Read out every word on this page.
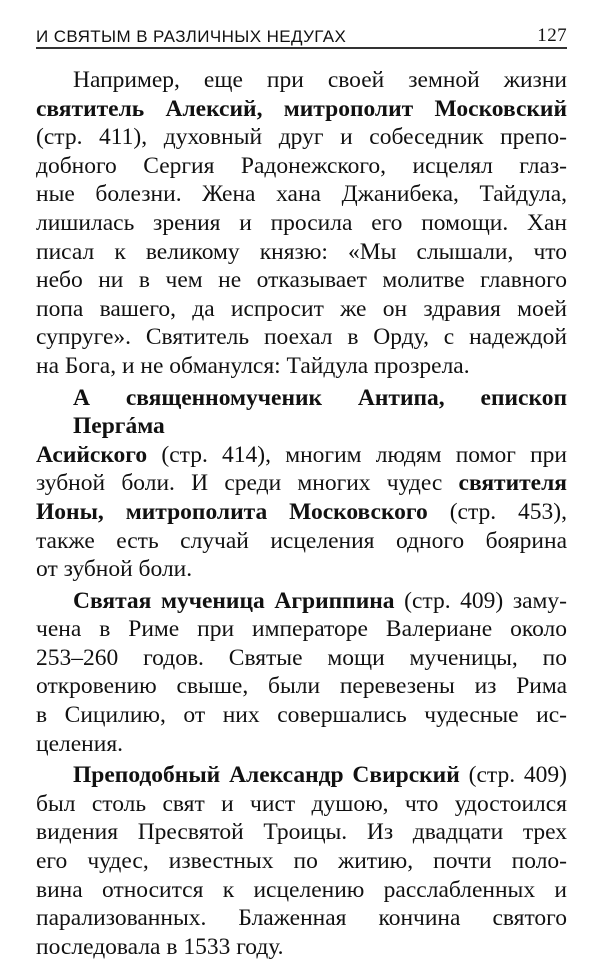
И СВЯТЫМ В РАЗЛИЧНЫХ НЕДУГАХ	127
Например, еще при своей земной жизни
святитель Алексий, митрополит Московский
(стр. 411), духовный друг и собеседник препо-
добного Сергия Радонежского, исцелял глаз-
ные болезни. Жена хана Джанибека, Тайдула,
лишилась зрения и просила его помощи. Хан
писал к великому князю: «Мы слышали, что
небо ни в чем не отказывает молитве главного
попа вашего, да испросит же он здравия моей
супруге». Святитель поехал в Орду, с надеждой
на Бога, и не обманулся: Тайдула прозрела.
А священномученик Антипа, епископ Пергáма
Асийского (стр. 414), многим людям помог при
зубной боли. И среди многих чудес святителя
Ионы, митрополита Московского (стр. 453),
также есть случай исцеления одного боярина
от зубной боли.
Святая мученица Агриппина (стр. 409) заму-
чена в Риме при императоре Валериане около
253–260 годов. Святые мощи мученицы, по
откровению свыше, были перевезены из Рима
в Сицилию, от них совершались чудесные ис-
целения.
Преподобный Александр Свирский (стр. 409)
был столь свят и чист душою, что удостоился
видения Пресвятой Троицы. Из двадцати трех
его чудес, известных по житию, почти поло-
вина относится к исцелению расслабленных и
парализованных. Блаженная кончина святого
последовала в 1533 году.
